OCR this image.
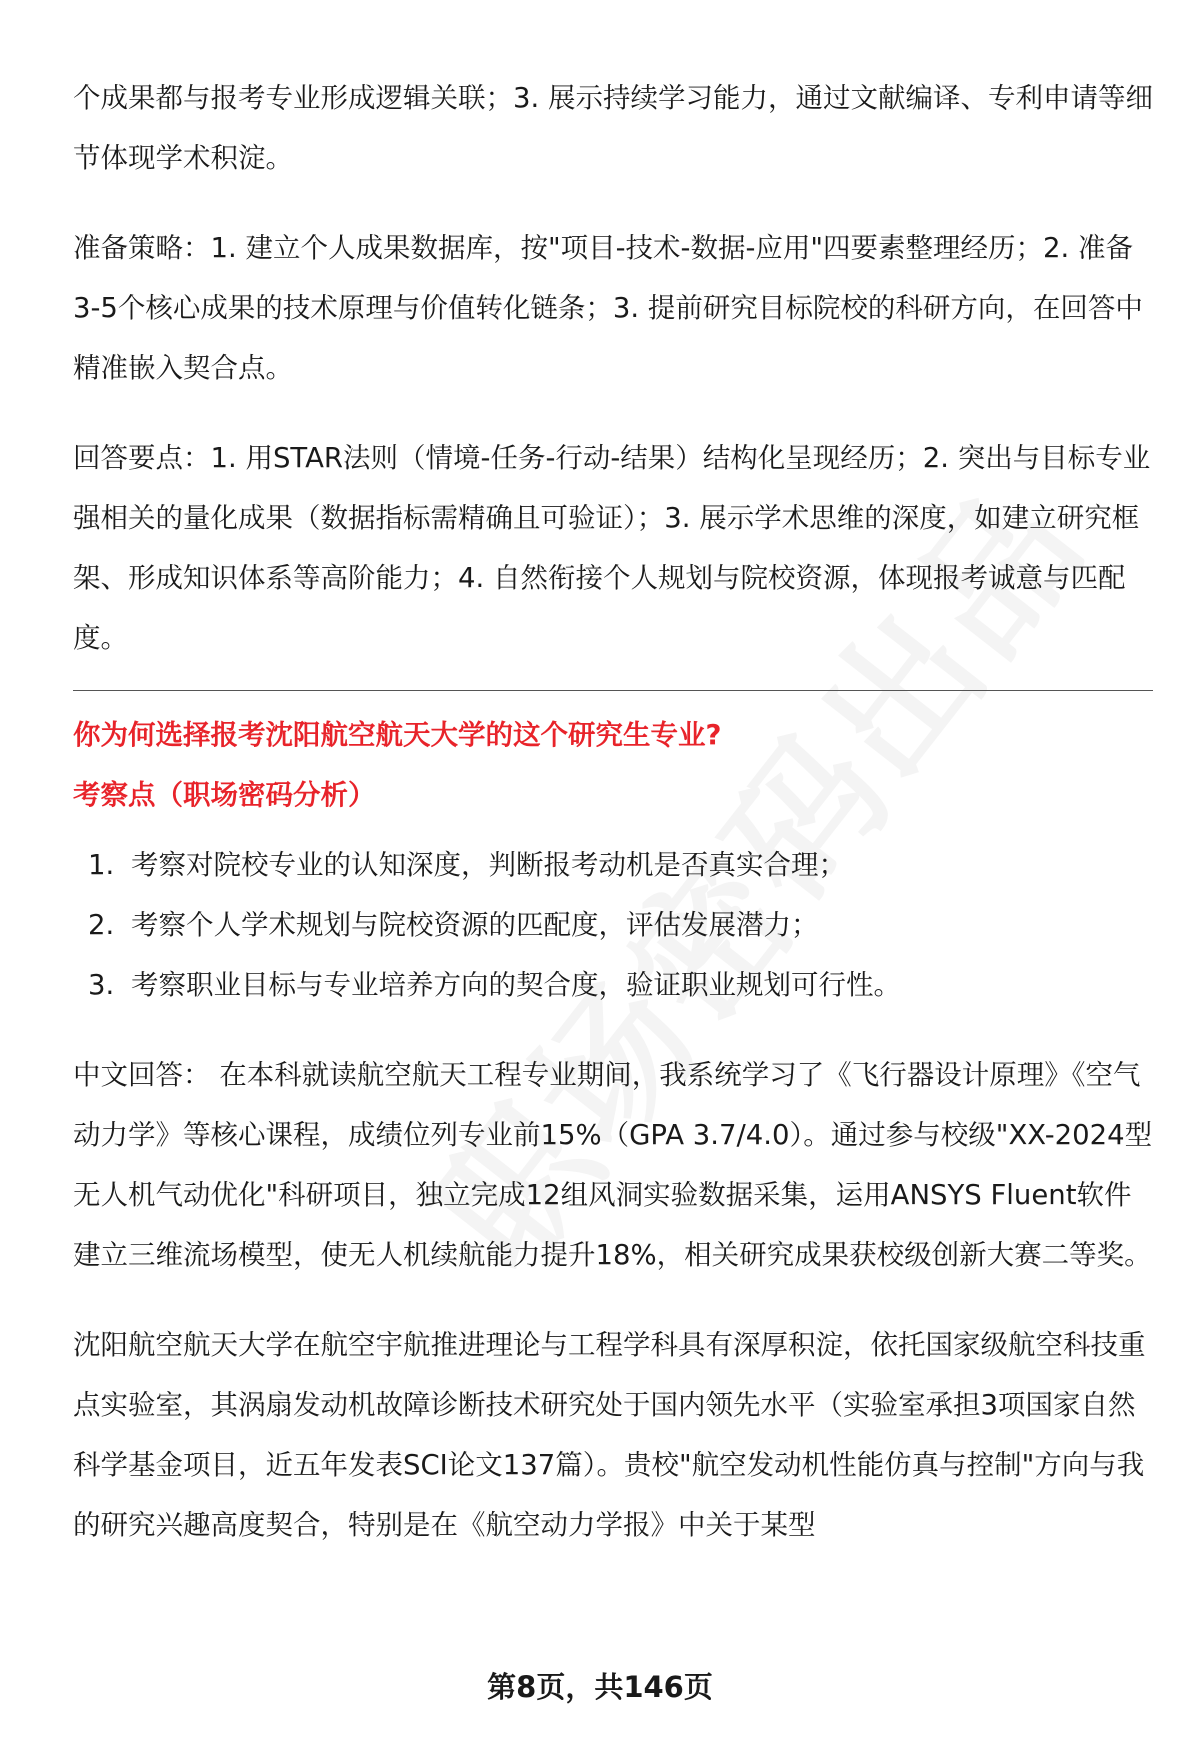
个成果都与报考专业形成逻辑关联；3. 展示持续学习能力，通过文献编译、专利申请等细节体现学术积淀。

准备策略：1. 建立个人成果数据库，按"项目-技术-数据-应用"四要素整理经历；2. 准备3-5个核心成果的技术原理与价值转化链条；3. 提前研究目标院校的科研方向，在回答中精准嵌入契合点。

回答要点：1. 用STAR法则（情境-任务-行动-结果）结构化呈现经历；2. 突出与目标专业强相关的量化成果（数据指标需精确且可验证）；3. 展示学术思维的深度，如建立研究框架、形成知识体系等高阶能力；4. 自然衔接个人规划与院校资源，体现报考诚意与匹配度。

你为何选择报考沈阳航空航天大学的这个研究生专业?

考察点（职场密码分析）

1. 考察对院校专业的认知深度，判断报考动机是否真实合理；
2. 考察个人学术规划与院校资源的匹配度，评估发展潜力；
3. 考察职业目标与专业培养方向的契合度，验证职业规划可行性。

中文回答： 在本科就读航空航天工程专业期间，我系统学习了《飞行器设计原理》《空气动力学》等核心课程，成绩位列专业前15%（GPA 3.7/4.0）。通过参与校级"XX-2024型无人机气动优化"科研项目，独立完成12组风洞实验数据采集，运用ANSYS Fluent软件建立三维流场模型，使无人机续航能力提升18%，相关研究成果获校级创新大赛二等奖。

沈阳航空航天大学在航空宇航推进理论与工程学科具有深厚积淀，依托国家级航空科技重点实验室，其涡扇发动机故障诊断技术研究处于国内领先水平（实验室承担3项国家自然科学基金项目，近五年发表SCI论文137篇）。贵校"航空发动机性能仿真与控制"方向与我的研究兴趣高度契合，特别是在《航空动力学报》中关于某型

第8页，共146页
